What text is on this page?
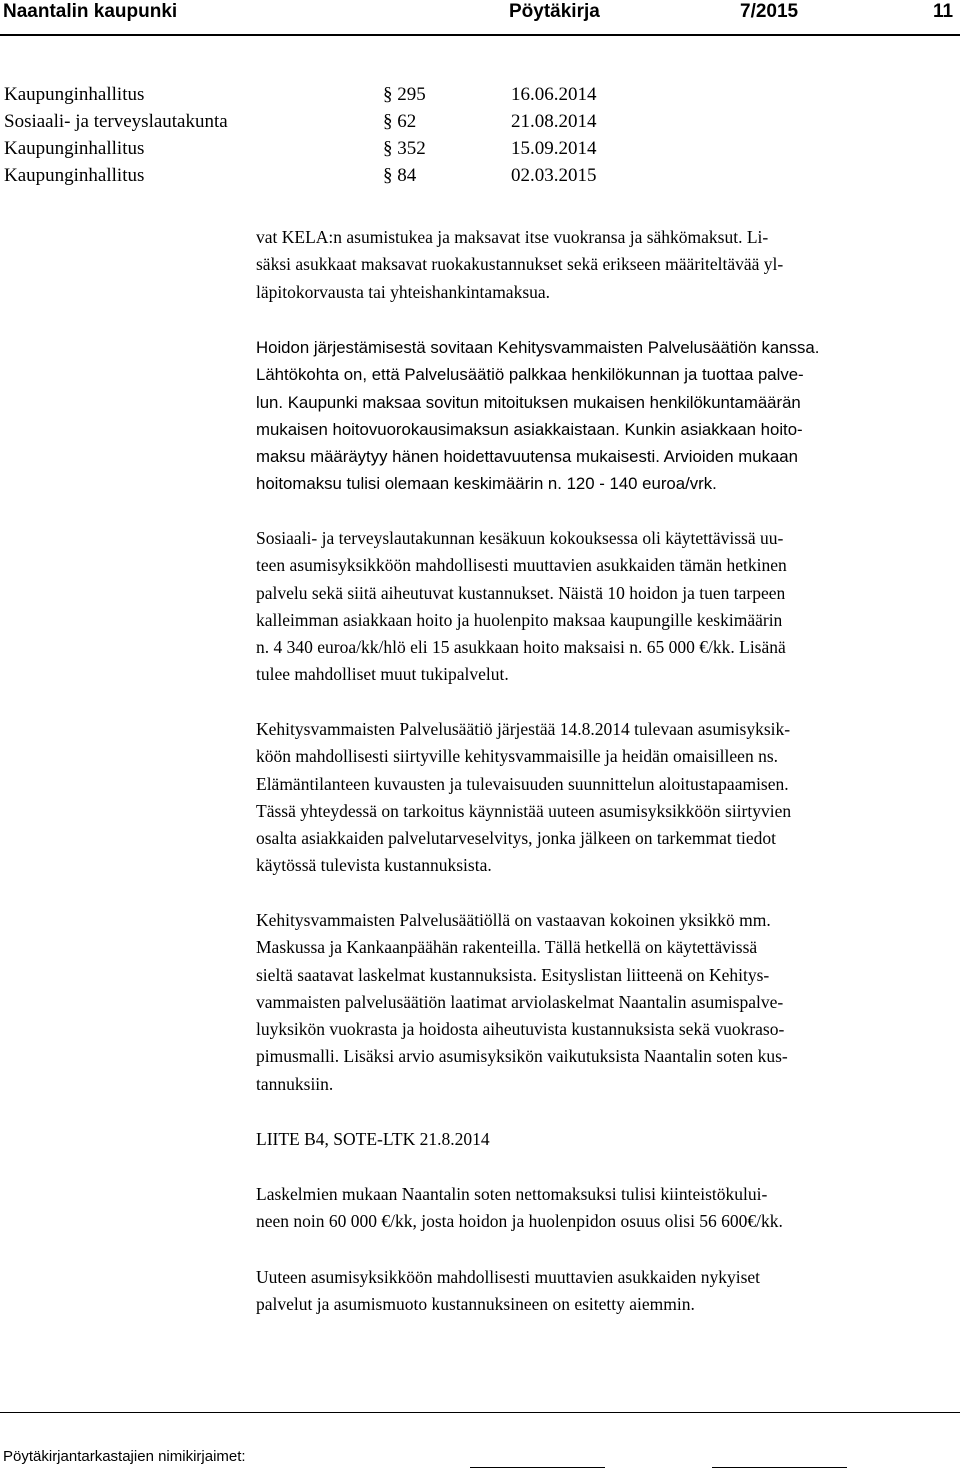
Naantalin kaupunki	Pöytäkirja	7/2015	11
Kaupunginhallitus	§ 295	16.06.2014
Sosiaali- ja terveyslautakunta	§ 62	21.08.2014
Kaupunginhallitus	§ 352	15.09.2014
Kaupunginhallitus	§ 84	02.03.2015
vat KELA:n asumistukea ja maksavat itse vuokransa ja sähkömaksut. Li-
säksi asukkaat maksavat ruokakustannukset sekä erikseen määriteltävää yl-
läpitokorvausta tai yhteishankintamaksua.
Hoidon järjestämisestä sovitaan Kehitysvammaisten Palvelusäätiön kanssa.
Lähtökohta on, että Palvelusäätiö palkkaa henkilökunnan ja tuottaa palve-
lun. Kaupunki maksaa sovitun mitoituksen mukaisen henkilökuntamäärän
mukaisen hoitovuorokausimaksun asiakkaistaan. Kunkin asiakkaan hoito-
maksu määräytyy hänen hoidettavuutensa mukaisesti. Arvioiden mukaan
hoitomaksu tulisi olemaan keskimäärin n. 120 - 140 euroa/vrk.
Sosiaali- ja terveyslautakunnan kesäkuun kokouksessa oli käytettävissä uu-
teen asumisyksikköön mahdollisesti muuttavien asukkaiden tämän hetkinen
palvelu sekä siitä aiheutuvat kustannukset. Näistä 10 hoidon ja tuen tarpeen
kalleimman asiakkaan hoito ja huolenpito maksaa kaupungille keskimäärin
n. 4 340 euroa/kk/hlö eli 15 asukkaan hoito maksaisi n. 65 000 €/kk. Lisänä
tulee mahdolliset muut tukipalvelut.
Kehitysvammaisten Palvelusäätiö järjestää 14.8.2014 tulevaan asumisyksik-
köön mahdollisesti siirtyville kehitysvammaisille ja heidän omaisilleen ns.
Elämäntilanteen kuvausten ja tulevaisuuden suunnittelun aloitustapaamisen.
Tässä yhteydessä on tarkoitus käynnistää uuteen asumisyksikköön siirtyvien
osalta asiakkaiden palvelutarveselvitys, jonka jälkeen on tarkemmat tiedot
käytössä tulevista kustannuksista.
Kehitysvammaisten Palvelusäätiöllä on vastaavan kokoinen yksikkö mm.
Maskussa ja Kankaanpäähän rakenteilla. Tällä hetkellä on käytettävissä
sieltä saatavat laskelmat kustannuksista. Esityslistan liitteenä on Kehitys-
vammaisten palvelusäätiön laatimat arviolaskelmat Naantalin asumispalve-
luyksikön vuokrasta ja hoidosta aiheutuvista kustannuksista sekä vuokraso-
pimusmalli. Lisäksi arvio asumisyksikön vaikutuksista Naantalin soten kus-
tannuksiin.
LIITE B4, SOTE-LTK 21.8.2014
Laskelmien mukaan Naantalin soten nettomaksuksi tulisi kiinteistökului-
neen noin 60 000 €/kk, josta hoidon ja huolenpidon osuus olisi 56 600€/kk.
Uuteen asumisyksikköön mahdollisesti muuttavien asukkaiden nykyiset
palvelut ja asumismuoto kustannuksineen on esitetty aiemmin.
Pöytäkirjantarkastajien nimikirjaimet:
